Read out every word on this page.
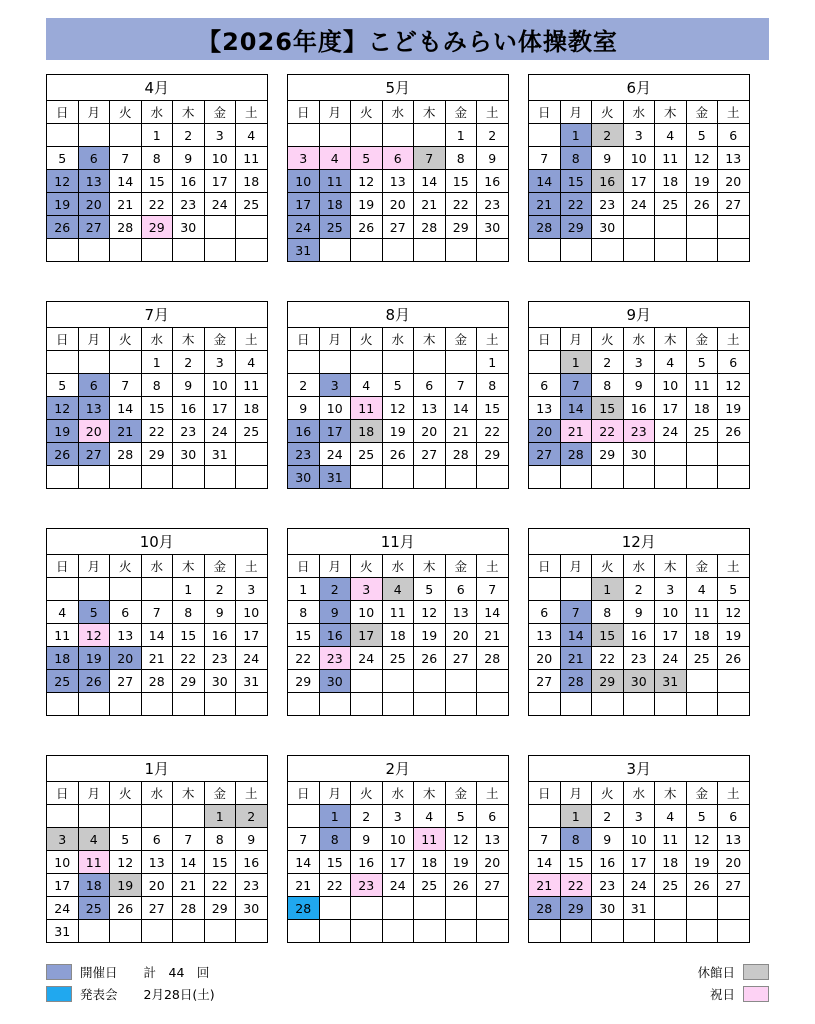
【2026年度】こどもみらい体操教室
4月
日	月	火	水	木	金	土
			1	2	3	4
5	6	7	8	9	10	11
12	13	14	15	16	17	18
19	20	21	22	23	24	25
26	27	28	29	30		

5月
日	月	火	水	木	金	土
					1	2
3	4	5	6	7	8	9
10	11	12	13	14	15	16
17	18	19	20	21	22	23
24	25	26	27	28	29	30
31						
6月
日	月	火	水	木	金	土
	1	2	3	4	5	6
7	8	9	10	11	12	13
14	15	16	17	18	19	20
21	22	23	24	25	26	27
28	29	30				

7月
日	月	火	水	木	金	土
			1	2	3	4
5	6	7	8	9	10	11
12	13	14	15	16	17	18
19	20	21	22	23	24	25
26	27	28	29	30	31	

8月
日	月	火	水	木	金	土
						1
2	3	4	5	6	7	8
9	10	11	12	13	14	15
16	17	18	19	20	21	22
23	24	25	26	27	28	29
30	31					
9月
日	月	火	水	木	金	土
	1	2	3	4	5	6
6	7	8	9	10	11	12
13	14	15	16	17	18	19
20	21	22	23	24	25	26
27	28	29	30			

10月
日	月	火	水	木	金	土
				1	2	3
4	5	6	7	8	9	10
11	12	13	14	15	16	17
18	19	20	21	22	23	24
25	26	27	28	29	30	31

11月
日	月	火	水	木	金	土
1	2	3	4	5	6	7
8	9	10	11	12	13	14
15	16	17	18	19	20	21
22	23	24	25	26	27	28
29	30					

12月
日	月	火	水	木	金	土
		1	2	3	4	5
6	7	8	9	10	11	12
13	14	15	16	17	18	19
20	21	22	23	24	25	26
27	28	29	30	31		

1月
日	月	火	水	木	金	土
					1	2
3	4	5	6	7	8	9
10	11	12	13	14	15	16
17	18	19	20	21	22	23
24	25	26	27	28	29	30
31						
2月
日	月	火	水	木	金	土
	1	2	3	4	5	6
7	8	9	10	11	12	13
14	15	16	17	18	19	20
21	22	23	24	25	26	27
28						

3月
日	月	火	水	木	金	土
	1	2	3	4	5	6
7	8	9	10	11	12	13
14	15	16	17	18	19	20
21	22	23	24	25	26	27
28	29	30	31			

開催日 計　44　回
発表会 2月28日(土)
休館日
祝日
